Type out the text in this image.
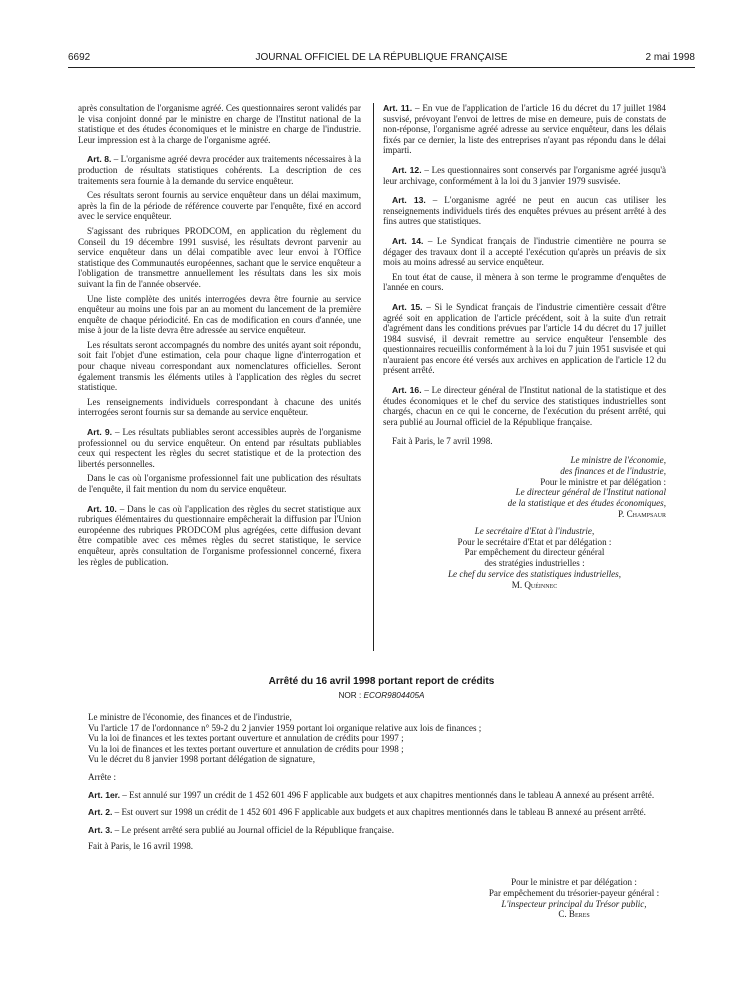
6692	JOURNAL OFFICIEL DE LA RÉPUBLIQUE FRANÇAISE	2 mai 1998

après consultation de l'organisme agréé. Ces questionnaires seront validés par le visa conjoint donné par le ministre en charge de l'Institut national de la statistique et des études économiques et le ministre en charge de l'industrie. Leur impression est à la charge de l'organisme agréé.

Art. 8. – L'organisme agréé devra procéder aux traitements nécessaires à la production de résultats statistiques cohérents. La description de ces traitements sera fournie à la demande du service enquêteur.

Ces résultats seront fournis au service enquêteur dans un délai maximum, après la fin de la période de référence couverte par l'enquête, fixé en accord avec le service enquêteur.

S'agissant des rubriques PRODCOM, en application du règlement du Conseil du 19 décembre 1991 susvisé, les résultats devront parvenir au service enquêteur dans un délai compatible avec leur envoi à l'Office statistique des Communautés européennes, sachant que le service enquêteur a l'obligation de transmettre annuellement les résultats dans les six mois suivant la fin de l'année observée.

Une liste complète des unités interrogées devra être fournie au service enquêteur au moins une fois par an au moment du lancement de la première enquête de chaque périodicité. En cas de modification en cours d'année, une mise à jour de la liste devra être adressée au service enquêteur.

Les résultats seront accompagnés du nombre des unités ayant soit répondu, soit fait l'objet d'une estimation, cela pour chaque ligne d'interrogation et pour chaque niveau correspondant aux nomenclatures officielles. Seront également transmis les éléments utiles à l'application des règles du secret statistique.

Les renseignements individuels correspondant à chacune des unités interrogées seront fournis sur sa demande au service enquêteur.

Art. 9. – Les résultats publiables seront accessibles auprès de l'organisme professionnel ou du service enquêteur. On entend par résultats publiables ceux qui respectent les règles du secret statistique et de la protection des libertés personnelles.

Dans le cas où l'organisme professionnel fait une publication des résultats de l'enquête, il fait mention du nom du service enquêteur.

Art. 10. – Dans le cas où l'application des règles du secret statistique aux rubriques élémentaires du questionnaire empêcherait la diffusion par l'Union européenne des rubriques PRODCOM plus agrégées, cette diffusion devant être compatible avec ces mêmes règles du secret statistique, le service enquêteur, après consultation de l'organisme professionnel concerné, fixera les règles de publication.

Art. 11. – En vue de l'application de l'article 16 du décret du 17 juillet 1984 susvisé, prévoyant l'envoi de lettres de mise en demeure, puis de constats de non-réponse, l'organisme agréé adresse au service enquêteur, dans les délais fixés par ce dernier, la liste des entreprises n'ayant pas répondu dans le délai imparti.

Art. 12. – Les questionnaires sont conservés par l'organisme agréé jusqu'à leur archivage, conformément à la loi du 3 janvier 1979 susvisée.

Art. 13. – L'organisme agréé ne peut en aucun cas utiliser les renseignements individuels tirés des enquêtes prévues au présent arrêté à des fins autres que statistiques.

Art. 14. – Le Syndicat français de l'industrie cimentière ne pourra se dégager des travaux dont il a accepté l'exécution qu'après un préavis de six mois au moins adressé au service enquêteur.

En tout état de cause, il mènera à son terme le programme d'enquêtes de l'année en cours.

Art. 15. – Si le Syndicat français de l'industrie cimentière cessait d'être agréé soit en application de l'article précédent, soit à la suite d'un retrait d'agrément dans les conditions prévues par l'article 14 du décret du 17 juillet 1984 susvisé, il devrait remettre au service enquêteur l'ensemble des questionnaires recueillis conformément à la loi du 7 juin 1951 susvisée et qui n'auraient pas encore été versés aux archives en application de l'article 12 du présent arrêté.

Art. 16. – Le directeur général de l'Institut national de la statistique et des études économiques et le chef du service des statistiques industrielles sont chargés, chacun en ce qui le concerne, de l'exécution du présent arrêté, qui sera publié au Journal officiel de la République française.

Fait à Paris, le 7 avril 1998.

Le ministre de l'économie,
des finances et de l'industrie,
Pour le ministre et par délégation :
Le directeur général de l'Institut national
de la statistique et des études économiques,
P. Champsaur
Le secrétaire d'Etat à l'industrie,
Pour le secrétaire d'Etat et par délégation :
Par empêchement du directeur général
des stratégies industrielles :
Le chef du service des statistiques industrielles,
M. Quéinnec
Arrêté du 16 avril 1998 portant report de crédits
NOR : ECOR9804405A

Le ministre de l'économie, des finances et de l'industrie,

Vu l'article 17 de l'ordonnance n° 59-2 du 2 janvier 1959 portant loi organique relative aux lois de finances ;

Vu la loi de finances et les textes portant ouverture et annulation de crédits pour 1997 ;

Vu la loi de finances et les textes portant ouverture et annulation de crédits pour 1998 ;

Vu le décret du 8 janvier 1998 portant délégation de signature,

Arrête :

Art. 1er. – Est annulé sur 1997 un crédit de 1 452 601 496 F applicable aux budgets et aux chapitres mentionnés dans le tableau A annexé au présent arrêté.

Art. 2. – Est ouvert sur 1998 un crédit de 1 452 601 496 F applicable aux budgets et aux chapitres mentionnés dans le tableau B annexé au présent arrêté.

Art. 3. – Le présent arrêté sera publié au Journal officiel de la République française.

Fait à Paris, le 16 avril 1998.

Pour le ministre et par délégation :
Par empêchement du trésorier-payeur général :
L'inspecteur principal du Trésor public,
C. Beres
